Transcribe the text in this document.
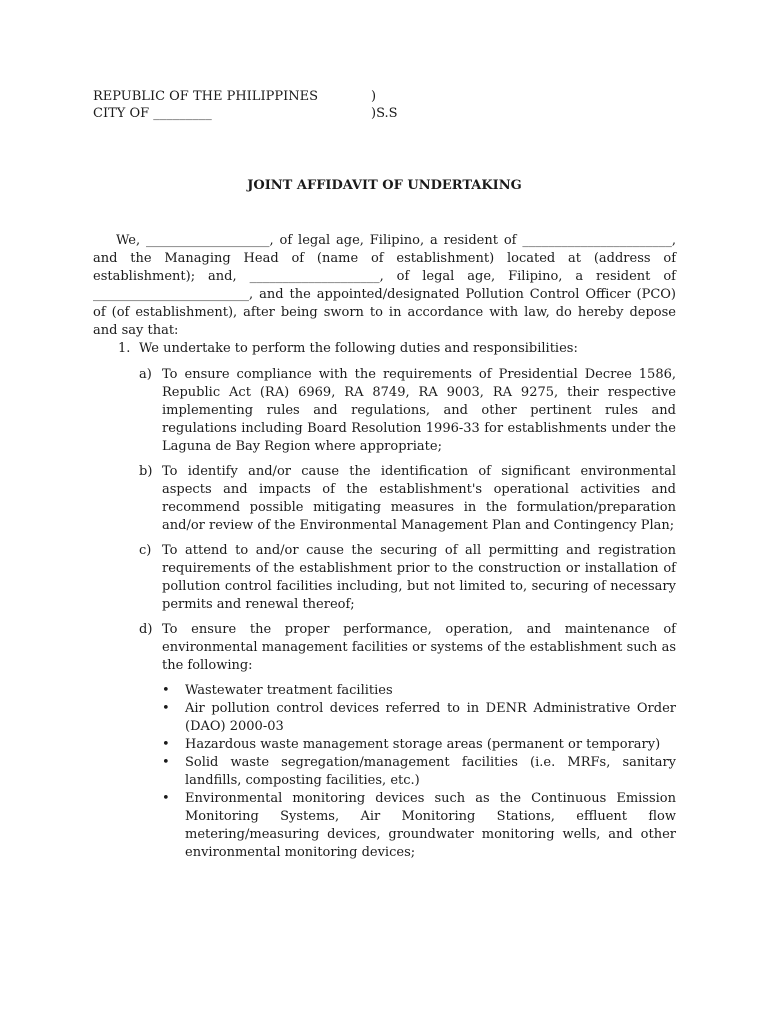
REPUBLIC OF THE PHILIPPINES	)
CITY OF _________	)S.S
JOINT AFFIDAVIT OF UNDERTAKING
We, ___________________, of legal age, Filipino, a resident of _______________________, and the Managing Head of (name of establishment) located at (address of establishment); and, ____________________, of legal age, Filipino, a resident of ________________________, and the appointed/designated Pollution Control Officer (PCO) of (of establishment), after being sworn to in accordance with law, do hereby depose and say that:
1. We undertake to perform the following duties and responsibilities:
a) To ensure compliance with the requirements of Presidential Decree 1586, Republic Act (RA) 6969, RA 8749, RA 9003, RA 9275, their respective implementing rules and regulations, and other pertinent rules and regulations including Board Resolution 1996-33 for establishments under the Laguna de Bay Region where appropriate;
b) To identify and/or cause the identification of significant environmental aspects and impacts of the establishment's operational activities and recommend possible mitigating measures in the formulation/preparation and/or review of the Environmental Management Plan and Contingency Plan;
c) To attend to and/or cause the securing of all permitting and registration requirements of the establishment prior to the construction or installation of pollution control facilities including, but not limited to, securing of necessary permits and renewal thereof;
d) To ensure the proper performance, operation, and maintenance of environmental management facilities or systems of the establishment such as the following:
• Wastewater treatment facilities
• Air pollution control devices referred to in DENR Administrative Order (DAO) 2000-03
• Hazardous waste management storage areas (permanent or temporary)
• Solid waste segregation/management facilities (i.e. MRFs, sanitary landfills, composting facilities, etc.)
• Environmental monitoring devices such as the Continuous Emission Monitoring Systems, Air Monitoring Stations, effluent flow metering/measuring devices, groundwater monitoring wells, and other environmental monitoring devices;
